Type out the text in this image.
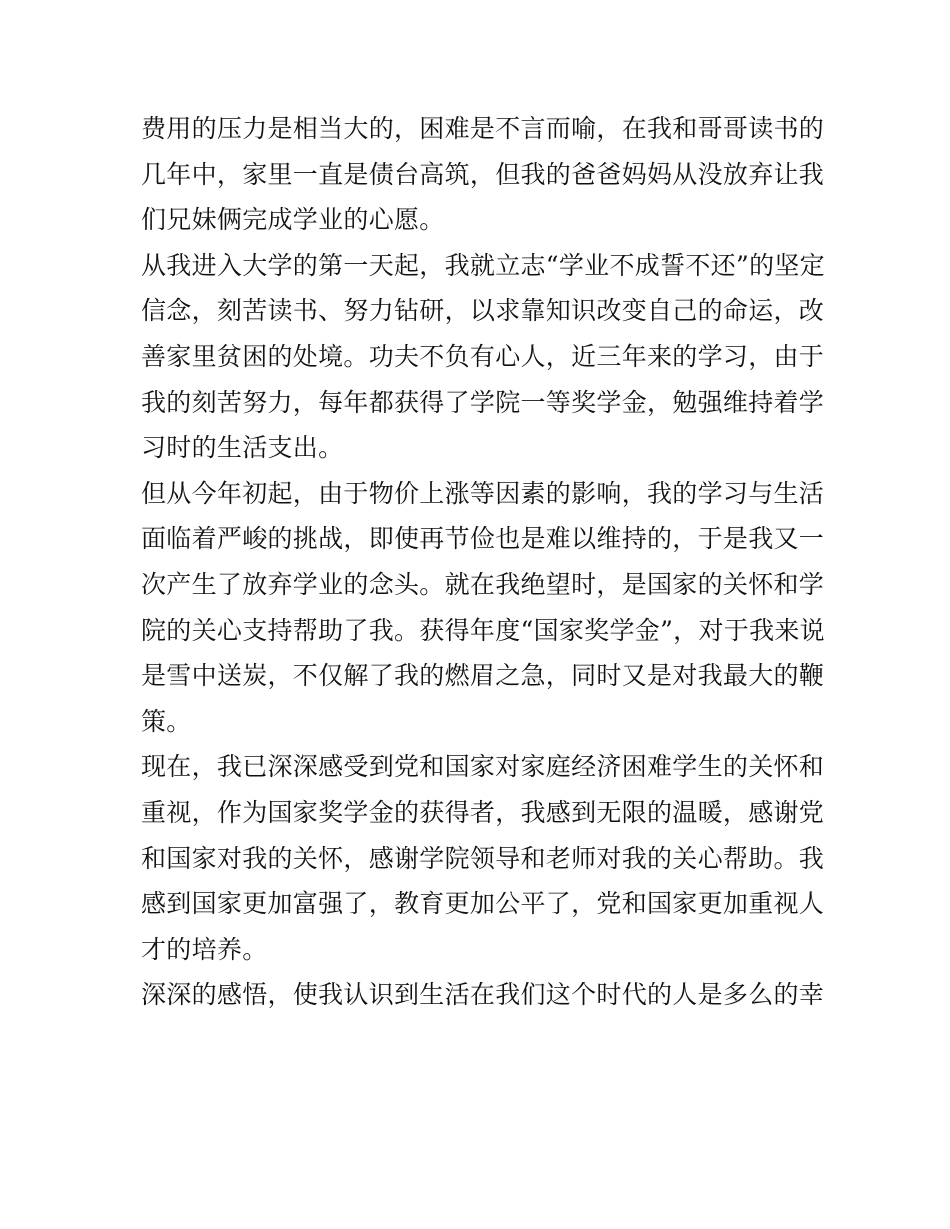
费用的压力是相当大的，困难是不言而喻，在我和哥哥读书的
几年中，家里一直是债台高筑，但我的爸爸妈妈从没放弃让我
们兄妹俩完成学业的心愿。
从我进入大学的第一天起，我就立志“学业不成誓不还”的坚定
信念，刻苦读书、努力钻研，以求靠知识改变自己的命运，改
善家里贫困的处境。功夫不负有心人，近三年来的学习，由于
我的刻苦努力，每年都获得了学院一等奖学金，勉强维持着学
习时的生活支出。
但从今年初起，由于物价上涨等因素的影响，我的学习与生活
面临着严峻的挑战，即使再节俭也是难以维持的，于是我又一
次产生了放弃学业的念头。就在我绝望时，是国家的关怀和学
院的关心支持帮助了我。获得年度“国家奖学金”，对于我来说
是雪中送炭，不仅解了我的燃眉之急，同时又是对我最大的鞭
策。
现在，我已深深感受到党和国家对家庭经济困难学生的关怀和
重视，作为国家奖学金的获得者，我感到无限的温暖，感谢党
和国家对我的关怀，感谢学院领导和老师对我的关心帮助。我
感到国家更加富强了，教育更加公平了，党和国家更加重视人
才的培养。
深深的感悟，使我认识到生活在我们这个时代的人是多么的幸
